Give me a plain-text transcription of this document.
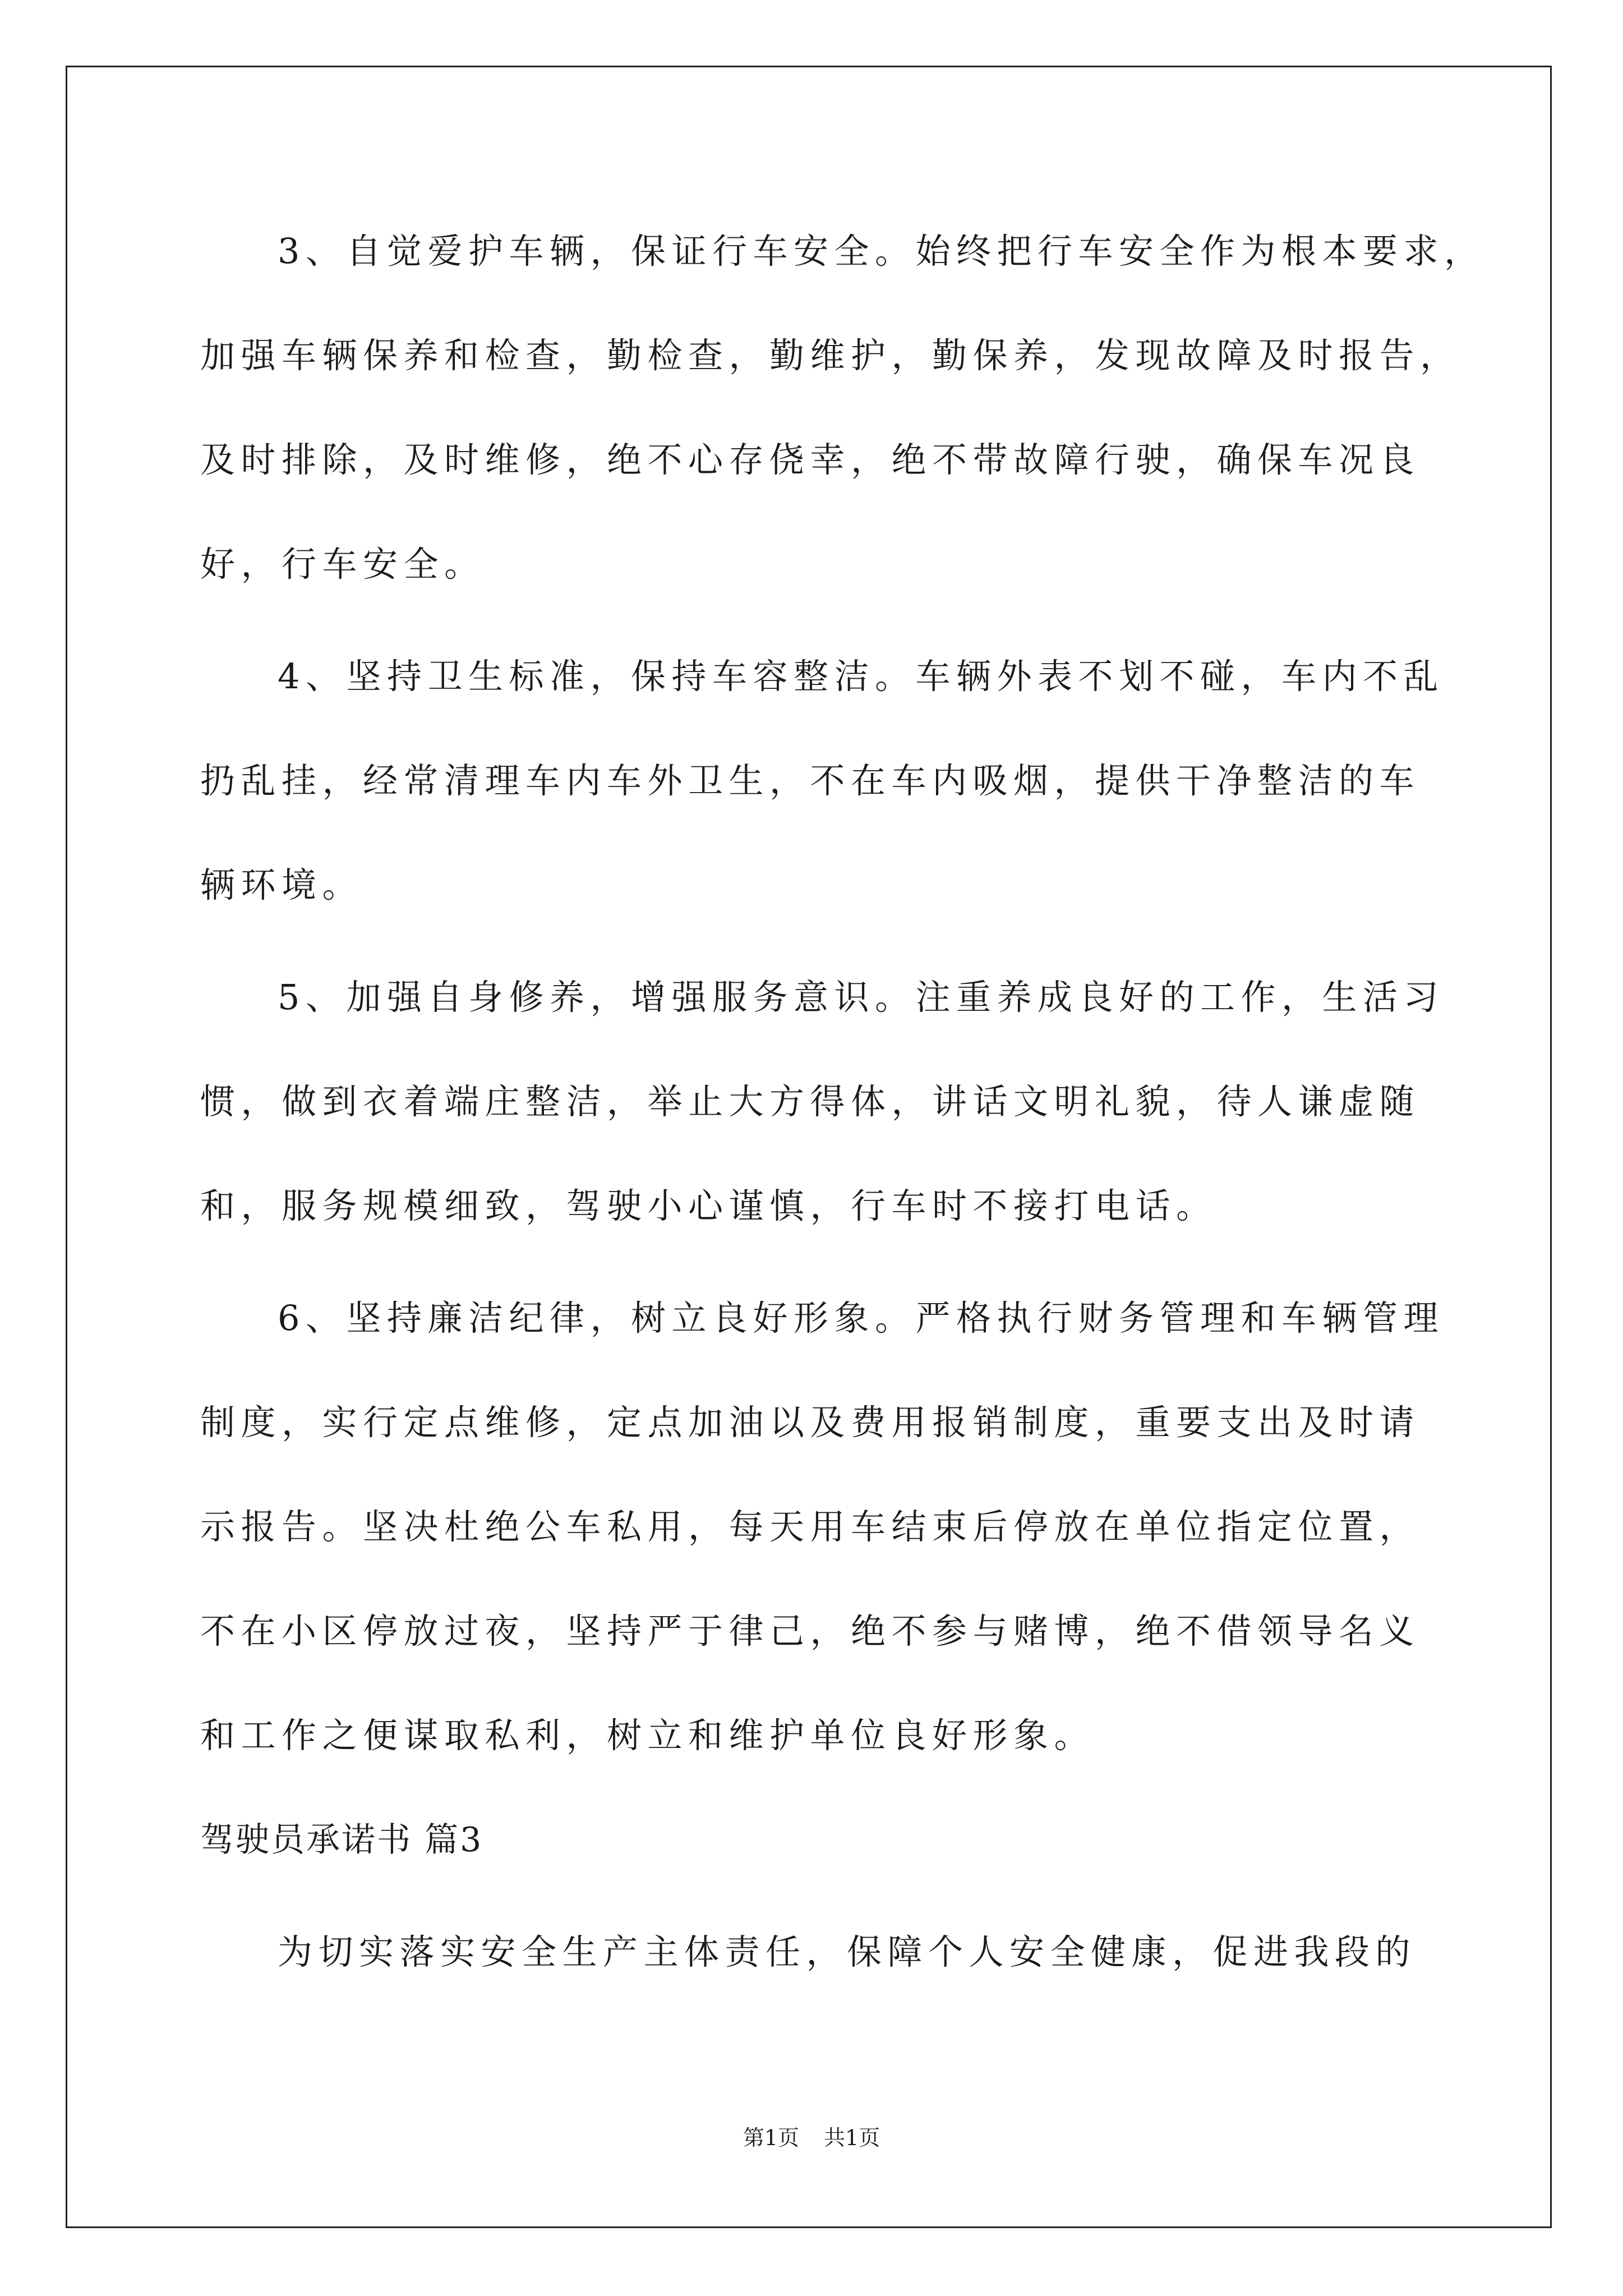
3、自觉爱护车辆，保证行车安全。始终把行车安全作为根本要求，
加强车辆保养和检查，勤检查，勤维护，勤保养，发现故障及时报告，
及时排除，及时维修，绝不心存侥幸，绝不带故障行驶，确保车况良
好，行车安全。
4、坚持卫生标准，保持车容整洁。车辆外表不划不碰，车内不乱
扔乱挂，经常清理车内车外卫生，不在车内吸烟，提供干净整洁的车
辆环境。
5、加强自身修养，增强服务意识。注重养成良好的工作，生活习
惯，做到衣着端庄整洁，举止大方得体，讲话文明礼貌，待人谦虚随
和，服务规模细致，驾驶小心谨慎，行车时不接打电话。
6、坚持廉洁纪律，树立良好形象。严格执行财务管理和车辆管理
制度，实行定点维修，定点加油以及费用报销制度，重要支出及时请
示报告。坚决杜绝公车私用，每天用车结束后停放在单位指定位置，
不在小区停放过夜，坚持严于律己，绝不参与赌博，绝不借领导名义
和工作之便谋取私利，树立和维护单位良好形象。
驾驶员承诺书 篇3
为切实落实安全生产主体责任，保障个人安全健康，促进我段的
第1页 共1页
